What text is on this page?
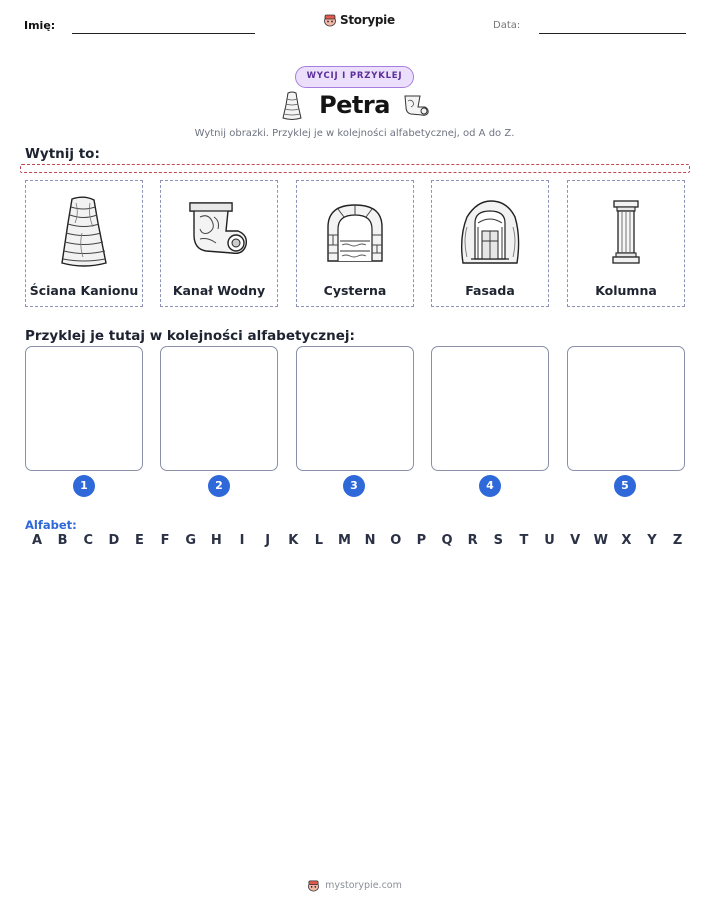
Imię:	Storypie	Data:
WYCIJ I PRZYKLEJ
Petra
Wytnij obrazki. Przyklej je w kolejności alfabetycznej, od A do Z.
Wytnij to:
Ściana Kanionu	Kanał Wodny	Cysterna	Fasada	Kolumna
Przyklej je tutaj w kolejności alfabetycznej:
1	2	3	4	5
Alfabet:
A	B	C	D	E	F	G	H	I	J	K	L	M	N	O	P	Q	R	S	T	U	V	W	X	Y	Z
mystorypie.com
